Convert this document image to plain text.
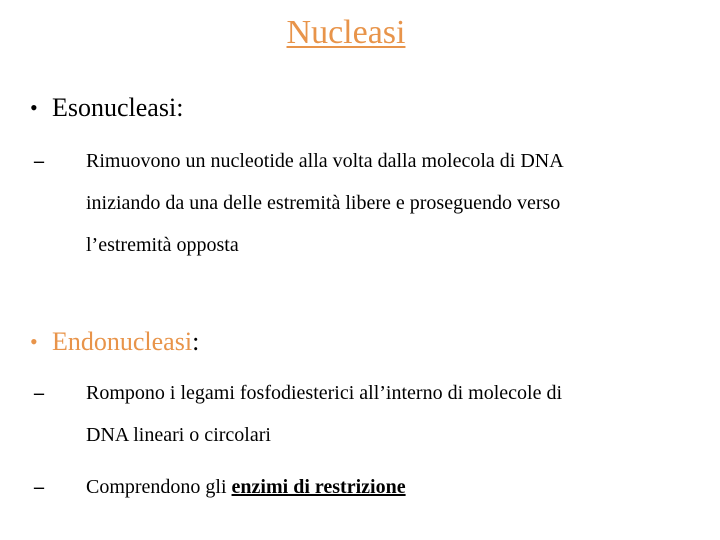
Nucleasi
• Esonucleasi:
– Rimuovono un nucleotide alla volta dalla molecola di DNA
iniziando da una delle estremità libere e proseguendo verso
l’estremità opposta
• Endonucleasi:
– Rompono i legami fosfodiesterici all’interno di molecole di
DNA lineari o circolari
– Comprendono gli enzimi di restrizione
